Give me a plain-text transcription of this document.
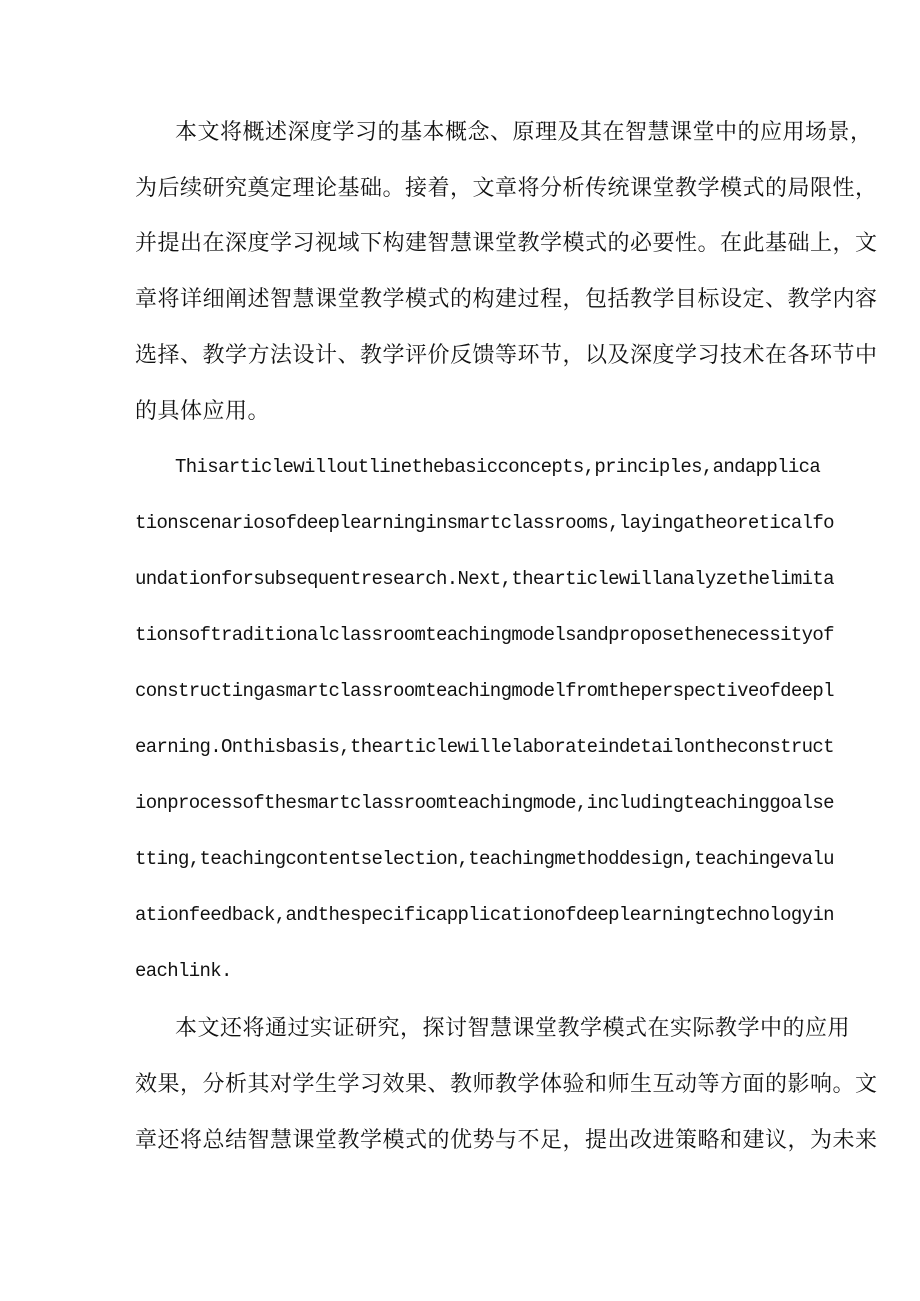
本文将概述深度学习的基本概念、原理及其在智慧课堂中的应用场景，
为后续研究奠定理论基础。接着，文章将分析传统课堂教学模式的局限性，
并提出在深度学习视域下构建智慧课堂教学模式的必要性。在此基础上，文
章将详细阐述智慧课堂教学模式的构建过程，包括教学目标设定、教学内容
选择、教学方法设计、教学评价反馈等环节，以及深度学习技术在各环节中
的具体应用。
Thisarticlewilloutlinethebasicconcepts,principles,andapplica
tionscenariosofdeeplearninginsmartclassrooms,layingatheoreticalfo
undationforsubsequentresearch.Next,thearticlewillanalyzethelimita
tionsoftraditionalclassroomteachingmodelsandproposethenecessityof
constructingasmartclassroomteachingmodelfromtheperspectiveofdeepl
earning.Onthisbasis,thearticlewillelaborateindetailontheconstruct
ionprocessofthesmartclassroomteachingmode,includingteachinggoalse
tting,teachingcontentselection,teachingmethoddesign,teachingevalu
ationfeedback,andthespecificapplicationofdeeplearningtechnologyin
eachlink.
本文还将通过实证研究，探讨智慧课堂教学模式在实际教学中的应用
效果，分析其对学生学习效果、教师教学体验和师生互动等方面的影响。文
章还将总结智慧课堂教学模式的优势与不足，提出改进策略和建议，为未来
